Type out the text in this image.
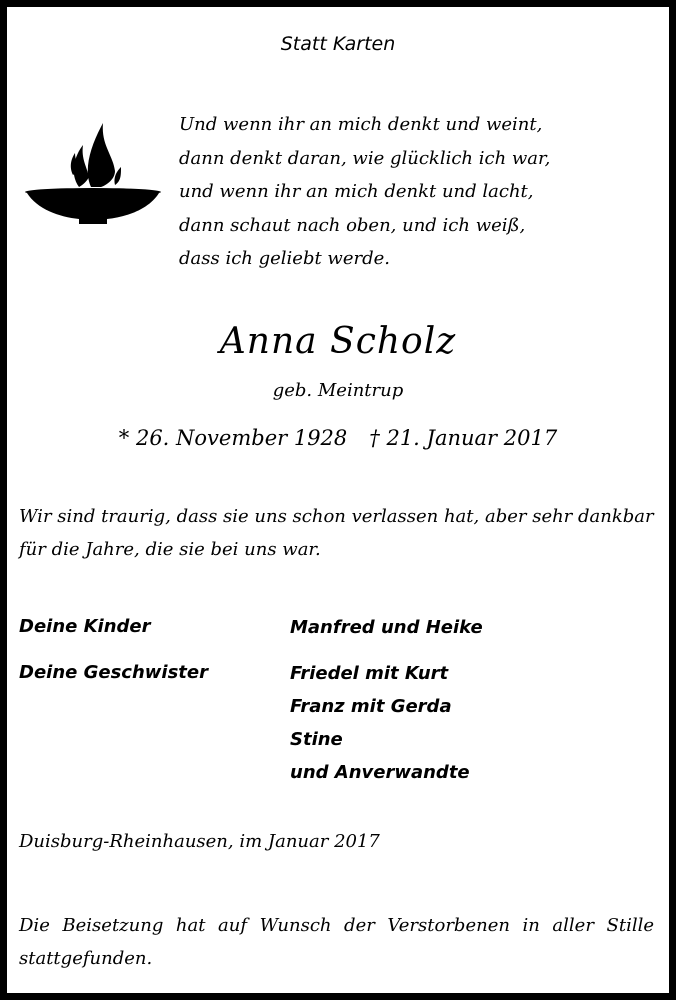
Statt Karten
Und wenn ihr an mich denkt und weint,
dann denkt daran, wie glücklich ich war,
und wenn ihr an mich denkt und lacht,
dann schaut nach oben, und ich weiß,
dass ich geliebt werde.
Anna Scholz
geb. Meintrup
* 26. November 1928 † 21. Januar 2017
Wir sind traurig, dass sie uns schon verlassen hat, aber sehr dankbar für die Jahre, die sie bei uns war.
Deine Kinder	Manfred und Heike
Deine Geschwister	Friedel mit Kurt
Franz mit Gerda
Stine
und Anverwandte
Duisburg-Rheinhausen, im Januar 2017
Die Beisetzung hat auf Wunsch der Verstorbenen in aller Stille stattgefunden.
